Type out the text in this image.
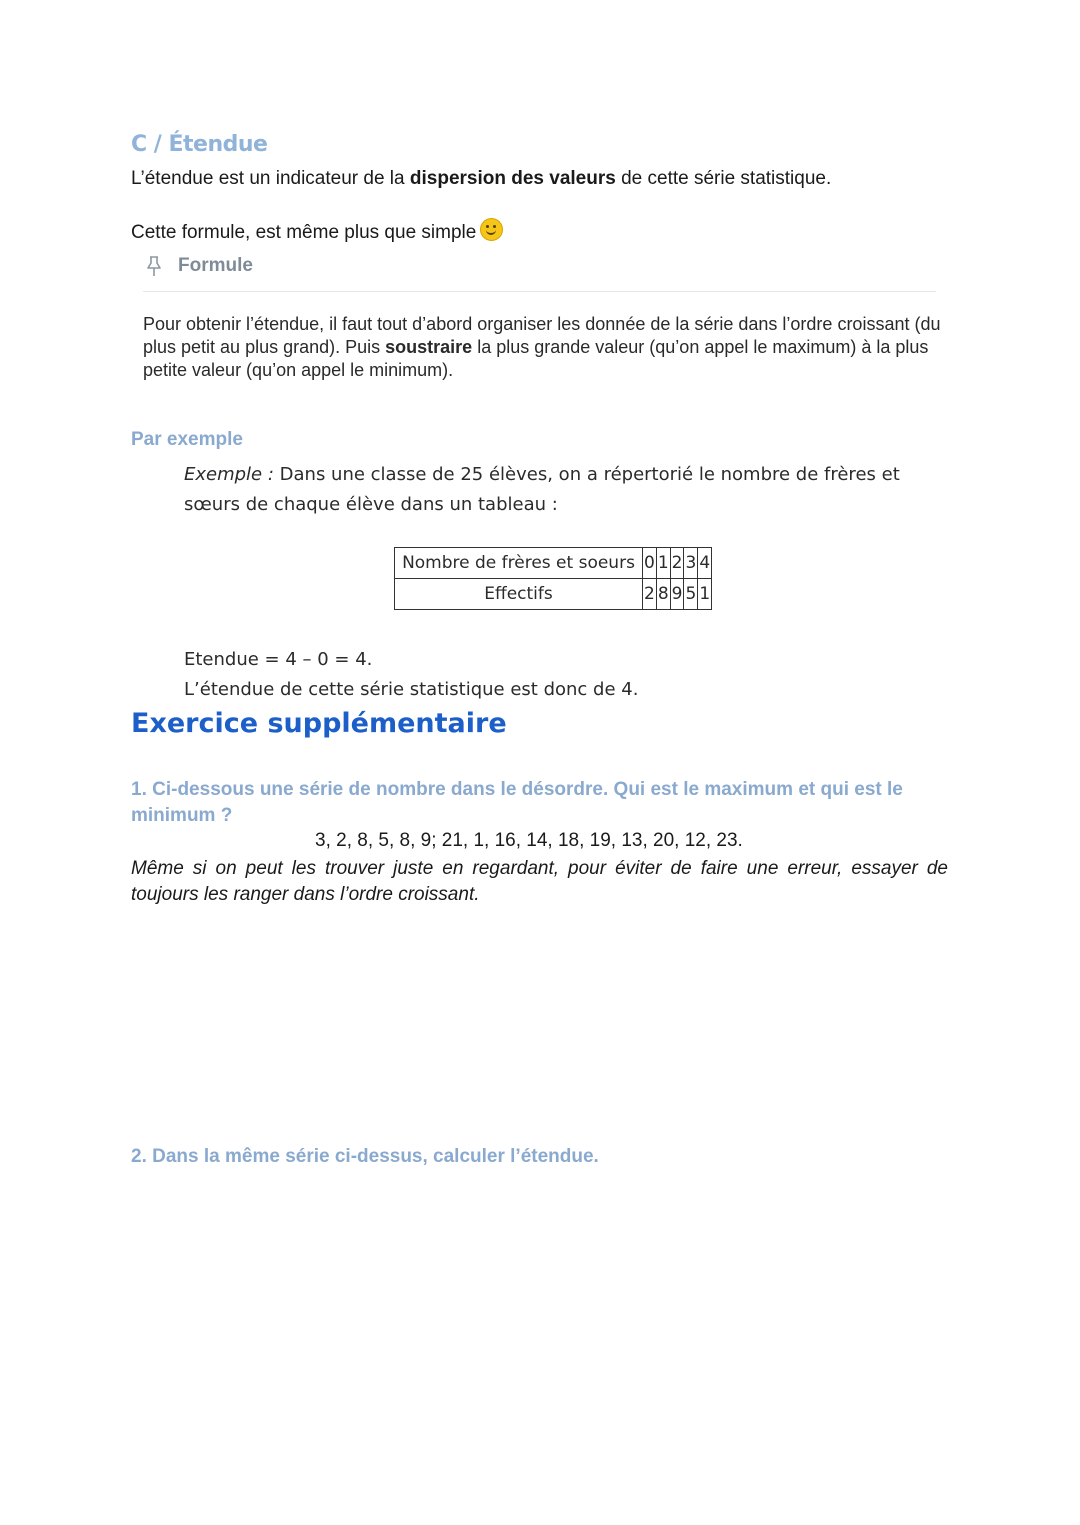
C / Étendue
L’étendue est un indicateur de la dispersion des valeurs de cette série statistique.
Cette formule, est même plus que simple
Formule
Pour obtenir l’étendue, il faut tout d’abord organiser les donnée de la série dans l’ordre croissant (du plus petit au plus grand). Puis soustraire la plus grande valeur (qu’on appel le maximum) à la plus petite valeur (qu’on appel le minimum).
Par exemple
Exemple : Dans une classe de 25 élèves, on a répertorié le nombre de frères et sœurs de chaque élève dans un tableau :
Nombre de frères et soeurs	0	1	2	3	4
Effectifs	2	8	9	5	1
Etendue = 4 – 0 = 4.
L’étendue de cette série statistique est donc de 4.
Exercice supplémentaire
1. Ci-dessous une série de nombre dans le désordre. Qui est le maximum et qui est le minimum ?
3, 2, 8, 5, 8, 9; 21, 1, 16, 14, 18, 19, 13, 20, 12, 23.
Même si on peut les trouver juste en regardant, pour éviter de faire une erreur, essayer de toujours les ranger dans l’ordre croissant.
2. Dans la même série ci-dessus, calculer l’étendue.
